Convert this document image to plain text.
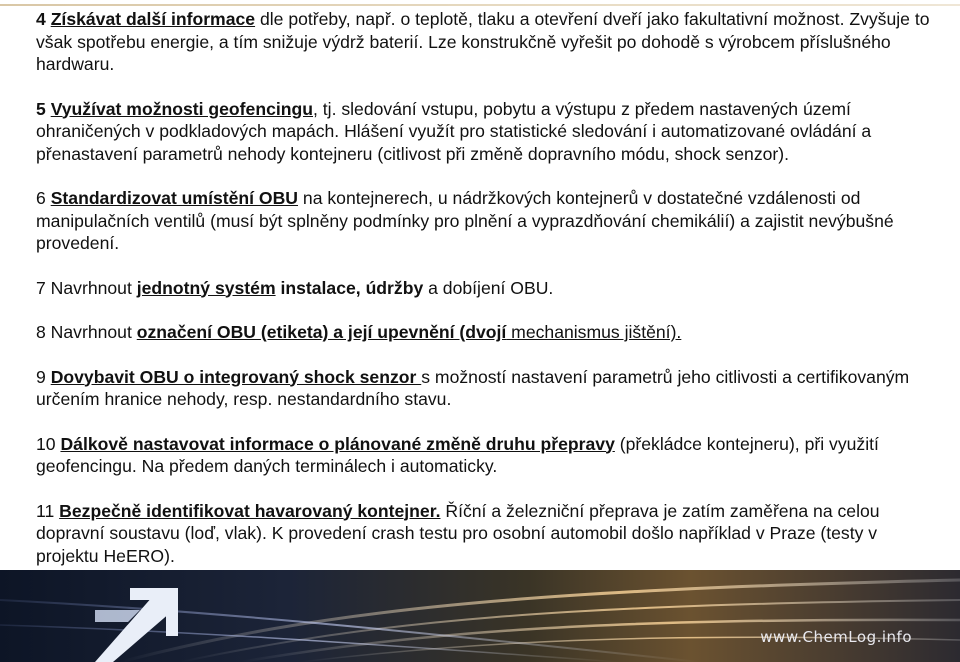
4 Získávat další informace dle potřeby, např. o teplotě, tlaku a otevření dveří jako fakultativní možnost. Zvyšuje to však spotřebu energie, a tím snižuje výdrž baterií. Lze konstrukčně vyřešit po dohodě s výrobcem příslušného hardwaru.

5 Využívat možnosti geofencingu, tj. sledování vstupu, pobytu a výstupu z předem nastavených území ohraničených v podkladových mapách. Hlášení využít pro statistické sledování i automatizované ovládání a přenastavení parametrů nehody kontejneru (citlivost při změně dopravního módu, shock senzor).

6 Standardizovat umístění OBU na kontejnerech, u nádržkových kontejnerů v dostatečné vzdálenosti od manipulačních ventilů (musí být splněny podmínky pro plnění a vyprazdňování chemikálií) a zajistit nevýbušné provedení.

7 Navrhnout jednotný systém instalace, údržby a dobíjení OBU.

8 Navrhnout označení OBU (etiketa) a její upevnění (dvojí mechanismus jištění).

9 Dovybavit OBU o integrovaný shock senzor s možností nastavení parametrů jeho citlivosti a certifikovaným určením hranice nehody, resp. nestandardního stavu.

10 Dálkově nastavovat informace o plánované změně druhu přepravy (překládce kontejneru), při využití geofencingu. Na předem daných terminálech i automaticky.

11 Bezpečně identifikovat havarovaný kontejner. Říční a železniční přeprava je zatím zaměřena na celou dopravní soustavu (loď, vlak). K provedení crash testu pro osobní automobil došlo například v Praze (testy v projektu HeERO).

www.ChemLog.info
